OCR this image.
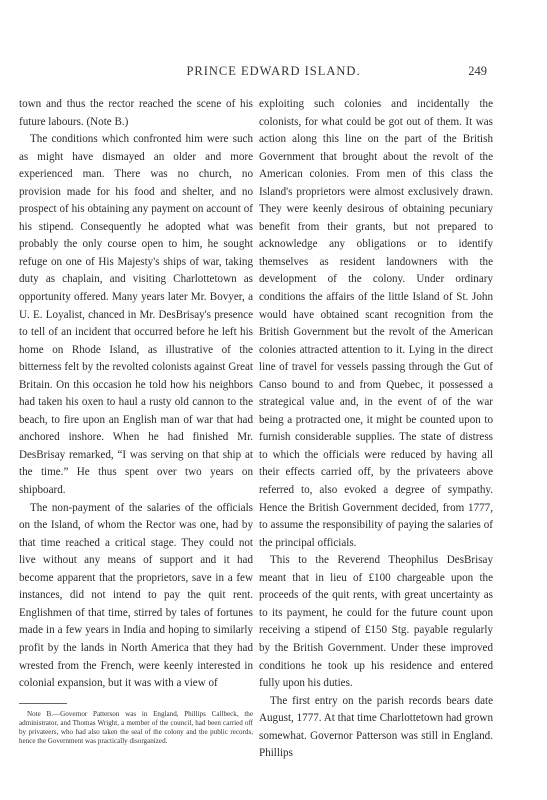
PRINCE EDWARD ISLAND.	249

town and thus the rector reached the scene of his future labours. (Note B.)

The conditions which confronted him were such as might have dismayed an older and more experienced man. There was no church, no provision made for his food and shelter, and no prospect of his obtaining any payment on account of his stipend. Consequently he adopted what was probably the only course open to him, he sought refuge on one of His Majesty's ships of war, taking duty as chaplain, and visiting Charlottetown as opportunity offered. Many years later Mr. Bovyer, a U. E. Loyalist, chanced in Mr. DesBrisay's presence to tell of an incident that occurred before he left his home on Rhode Island, as illustrative of the bitterness felt by the revolted colonists against Great Britain. On this occasion he told how his neighbors had taken his oxen to haul a rusty old cannon to the beach, to fire upon an English man of war that had anchored inshore. When he had finished Mr. DesBrisay remarked, “I was serving on that ship at the time.” He thus spent over two years on shipboard.

The non-payment of the salaries of the officials on the Island, of whom the Rector was one, had by that time reached a critical stage. They could not live without any means of support and it had become apparent that the proprietors, save in a few instances, did not intend to pay the quit rent. Englishmen of that time, stirred by tales of fortunes made in a few years in India and hoping to similarly profit by the lands in North America that they had wrested from the French, were keenly interested in colonial expansion, but it was with a view of

Note B.—Governor Patterson was in England, Phillips Callbeck, the administrator, and Thomas Wright, a member of the council, had been carried off by privateers, who had also taken the seal of the colony and the public records, hence the Government was practically disorganized.

exploiting such colonies and incidentally the colonists, for what could be got out of them. It was action along this line on the part of the British Government that brought about the revolt of the American colonies. From men of this class the Island's proprietors were almost exclusively drawn. They were keenly desirous of obtaining pecuniary benefit from their grants, but not prepared to acknowledge any obligations or to identify themselves as resident landowners with the development of the colony. Under ordinary conditions the affairs of the little Island of St. John would have obtained scant recognition from the British Government but the revolt of the American colonies attracted attention to it. Lying in the direct line of travel for vessels passing through the Gut of Canso bound to and from Quebec, it possessed a strategical value and, in the event of of the war being a protracted one, it might be counted upon to furnish considerable supplies. The state of distress to which the officials were reduced by having all their effects carried off, by the privateers above referred to, also evoked a degree of sympathy. Hence the British Government decided, from 1777, to assume the responsibility of paying the salaries of the principal officials.

This to the Reverend Theophilus DesBrisay meant that in lieu of £100 chargeable upon the proceeds of the quit rents, with great uncertainty as to its payment, he could for the future count upon receiving a stipend of £150 Stg. payable regularly by the British Government. Under these improved conditions he took up his residence and entered fully upon his duties.

The first entry on the parish records bears date August, 1777. At that time Charlottetown had grown somewhat. Governor Patterson was still in England. Phillips
